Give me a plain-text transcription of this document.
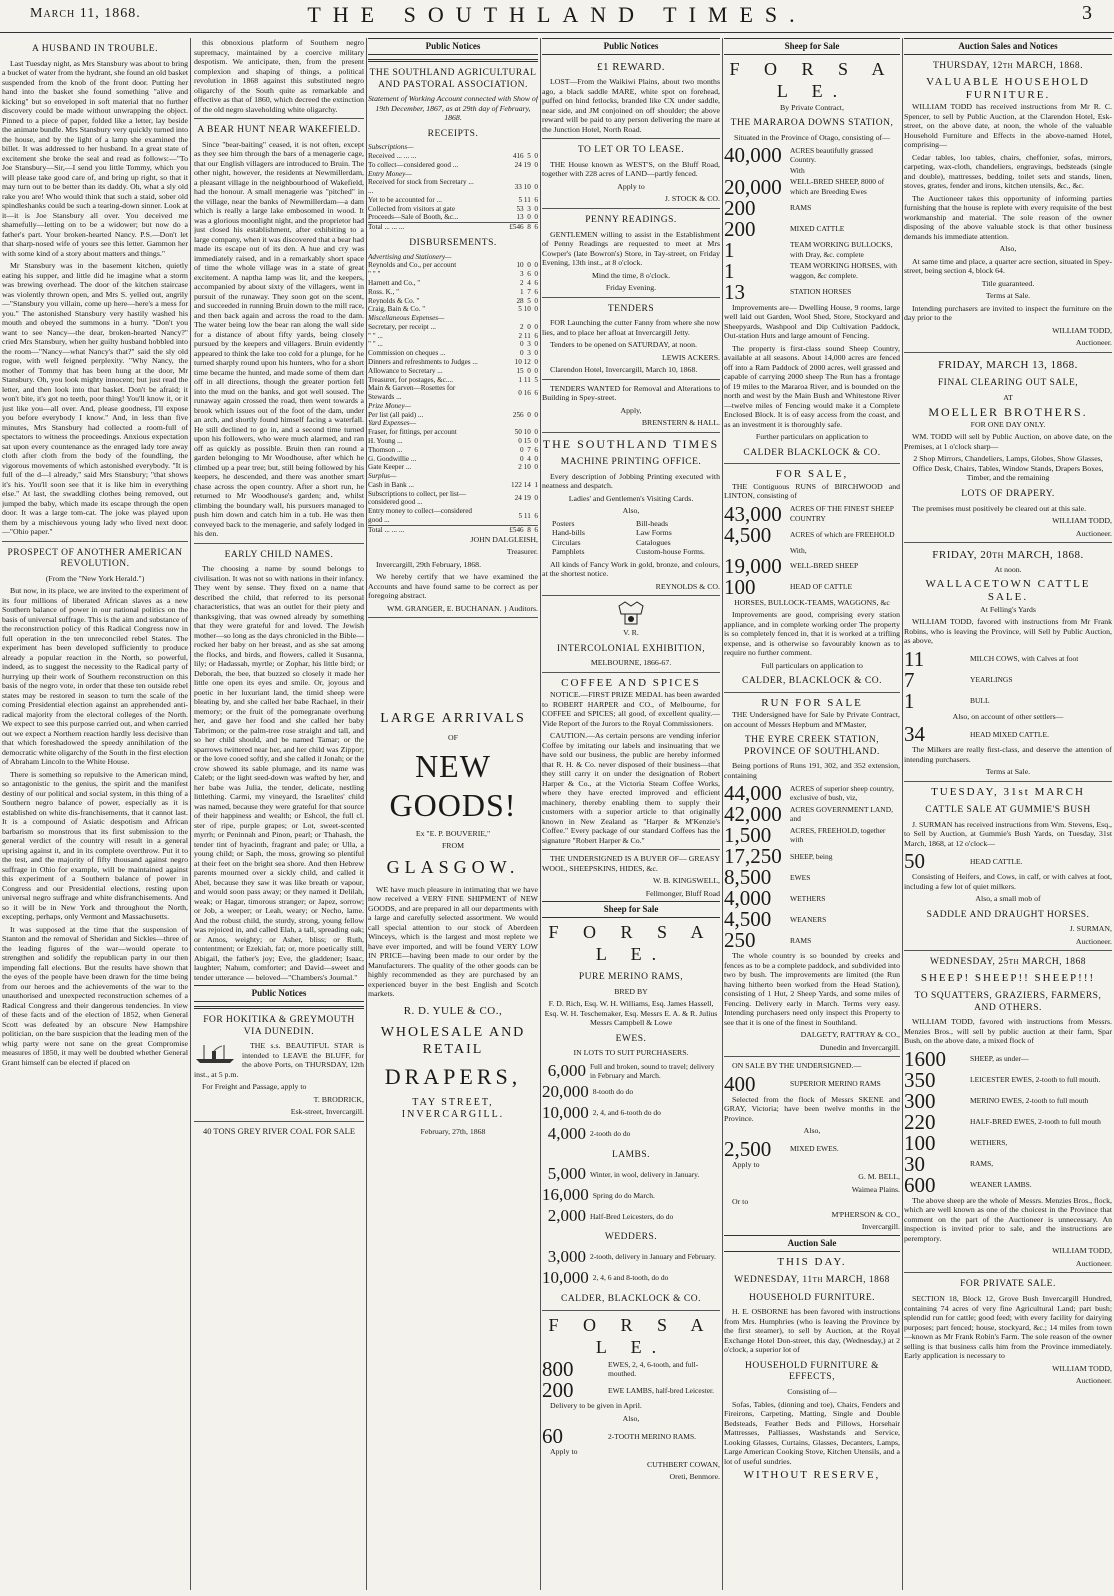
March 11, 1868.	THE SOUTHLAND TIMES.	3
A HUSBAND IN TROUBLE.

Last Tuesday night, as Mrs Stansbury was about to bring a bucket of water from the hydrant, she found an old basket suspended from the knob of the front door. Putting her hand into the basket she found something "alive and kicking" but so enveloped in soft material that no further discovery could be made without unwrapping the object. Pinned to a piece of paper, folded like a letter, lay beside the animate bundle. Mrs Stansbury very quickly turned into the house, and by the light of a lamp she examined the billet. It was addressed to her husband. In a great state of excitement she broke the seal and read as follows:—"To Joe Stansbury—Sir,—I send you little Tommy, which you will please take good care of, and bring up right, so that it may turn out to be better than its daddy. Oh, what a sly old rake you are! Who would think that such a staid, sober old spindleshanks could be such a tearing-down sinner. Look at it—it is Joe Stansbury all over. You deceived me shamefully—letting on to be a widower; but now do a father's part. Your broken-hearted Nancy. P.S.—Don't let that sharp-nosed wife of yours see this letter. Gammon her with some kind of a story about matters and things."

Mr Stansbury was in the basement kitchen, quietly eating his supper, and little did he imagine what a storm was brewing overhead. The door of the kitchen staircase was violently thrown open, and Mrs S. yelled out, angrily—"Stansbury you villain, come up here—here's a mess for you." The astonished Stansbury very hastily washed his mouth and obeyed the summons in a hurry. "Don't you want to see Nancy—the dear, broken-hearted Nancy?" cried Mrs Stansbury, when her guilty husband hobbled into the room—"Nancy—what Nancy's that?" said the sly old rogue, with well feigned perplexity. "Why Nancy, the mother of Tommy that has been hung at the door, Mr Stansbury. Oh, you look mighty innocent; but just read the letter, and then look into that basket. Don't be afraid; it won't bite, it's got no teeth, poor thing! You'll know it, or it just like you—all over. And, please goodness, I'll expose you before everybody I know." And, in less than five minutes, Mrs Stansbury had collected a room-full of spectators to witness the proceedings. Anxious expectation sat upon every countenance as the enraged lady tore away cloth after cloth from the body of the foundling, the vigorous movements of which astonished everybody. "It is full of the d—l already," said Mrs Stansbury; "that shows it's his. You'll soon see that it is like him in everything else." At last, the swaddling clothes being removed, out jumped the baby, which made its escape through the open door. It was a large tom-cat. The joke was played upon them by a mischievous young lady who lived next door.—"Ohio paper."

PROSPECT OF ANOTHER AMERICAN REVOLUTION.

(From the "New York Herald.")

But now, in its place, we are invited to the experiment of its four millions of liberated African slaves as a new Southern balance of power in our national politics on the basis of universal suffrage. This is the aim and substance of the reconstruction policy of this Radical Congress now in full operation in the ten unreconciled rebel States. The experiment has been developed sufficiently to produce already a popular reaction in the North, so powerful, indeed, as to suggest the necessity to the Radical party of hurrying up their work of Southern reconstruction on this basis of the negro vote, in order that these ten outside rebel states may be restored in season to turn the scale of the coming Presidential election against an apprehended anti-radical majority from the electoral colleges of the North. We expect to see this purpose carried out, and when carried out we expect a Northern reaction hardly less decisive than that which foreshadowed the speedy annihilation of the democratic white oligarchy of the South in the first election of Abraham Lincoln to the White House.

There is something so repulsive to the American mind, so antagonistic to the genius, the spirit and the manifest destiny of our political and social system, in this thing of a Southern negro balance of power, especially as it is established on white dis-franchisements, that it cannot last. It is a compound of Asiatic despotism and African barbarism so monstrous that its first submission to the general verdict of the country will result in a general uprising against it, and in its complete overthrow. Put it to the test, and the majority of fifty thousand against negro suffrage in Ohio for example, will be maintained against this experiment of a Southern balance of power in Congress and our Presidential elections, resting upon universal negro suffrage and white disfranchisements. And so it will be in New York and throughout the North, excepting, perhaps, only Vermont and Massachusetts.

It was supposed at the time that the suspension of Stanton and the removal of Sheridan and Sickles—three of the leading figures of the war—would operate to strengthen and solidify the republican party in our then impending fall elections. But the results have shown that the eyes of the people have been drawn for the time being from our heroes and the achievements of the war to the unauthorised and unexpected reconstruction schemes of a Radical Congress and their dangerous tendencies. In view of these facts and of the election of 1852, when General Scott was defeated by an obscure New Hampshire politician, on the bare suspicion that the leading men of the whig party were not sane on the great Compromise measures of 1850, it may well be doubted whether General Grant himself can be elected if placed on

this obnoxious platform of Southern negro supremacy, maintained by a coercive military despotism. We anticipate, then, from the present complexion and shaping of things, a political revolution in 1868 against this substituted negro oligarchy of the South quite as remarkable and effective as that of 1860, which decreed the extinction of the old negro slaveholding white oligarchy.

A BEAR HUNT NEAR WAKEFIELD.

Since "bear-baiting" ceased, it is not often, except as they see him through the bars of a menagerie cage, that our English villagers are introduced to Bruin. The other night, however, the residents at Newmillerdam, a pleasant village in the neighbourhood of Wakefield, had the honour. A small menagerie was "pitched" in the village, near the banks of Newmillerdam—a dam which is really a large lake embosomed in wood. It was a glorious moonlight night, and the proprietor had just closed his establishment, after exhibiting to a large company, when it was discovered that a bear had made its escape out of its den. A hue and cry was immediately raised, and in a remarkably short space of time the whole village was in a state of great excitement. A naptha lamp was lit, and the keepers, accompanied by about sixty of the villagers, went in pursuit of the runaway. They soon got on the scent, and succeeded in running Bruin down to the mill race, and then back again and across the road to the dam. The water being low the bear ran along the wall side for a distance of about fifty yards, being closely pursued by the keepers and villagers. Bruin evidently appeared to think the lake too cold for a plunge, for he turned sharply round upon his hunters, who for a short time became the hunted, and made some of them dart off in all directions, though the greater portion fell into the mud on the banks, and got well soused. The runaway again crossed the road, then went towards a brook which issues out of the foot of the dam, under an arch, and shortly found himself facing a waterfall. He still declined to go in, and a second time turned upon his followers, who were much alarmed, and ran off as quickly as possible. Bruin then ran round a garden belonging to Mr Woodhouse, after which he climbed up a pear tree; but, still being followed by his keepers, he descended, and there was another smart chase across the open country. After a short run, he returned to Mr Woodhouse's garden; and, whilst climbing the boundary wall, his pursuers managed to push him down and catch him in a tub. He was then conveyed back to the menagerie, and safely lodged in his den.

EARLY CHILD NAMES.

The choosing a name by sound belongs to civilisation. It was not so with nations in their infancy. They went by sense. They fixed on a name that described the child, that referred to its personal characteristics, that was an outlet for their piety and thanksgiving, that was owned already by something that they were grateful for and loved. The Jewish mother—so long as the days chronicled in the Bible—rocked her baby on her breast, and as she sat among the flocks, and birds, and flowers, called it Susanna, lily; or Hadassah, myrtle; or Zophar, his little bird; or Deborah, the bee, that buzzed so closely it made her little one open its eyes and smile. Or, joyous and poetic in her luxuriant land, the timid sheep were bleating by, and she called her babe Rachael, in their memory; or the fruit of the pomegranate overhung her, and gave her food and she called her baby Tabrimon; or the palm-tree rose straight and tall, and so her child should, and be named Tamar; or the sparrows twittered near her, and her child was Zippor; or the love cooed softly, and she called it Jonah; or the crow showed its sable plumage, and its name was Caleb; or the light seed-down was wafted by her, and her babe was Julia, the tender, delicate, nestling littlething. Carmi, my vineyard, the Israelites' child was named, because they were grateful for that source of their happiness and wealth; or Eshcol, the full cl. ster of ripe, purple grapes; or Lot, sweet-scented myrrh; or Peninnah and Pinon, pearl; or Thahash, the tender tint of hyacinth, fragrant and pale; or Ulla, a young child; or Saph, the moss, growing so plentiful at their feet on the bright sea shore. And then Hebrew parents mourned over a sickly child, and called it Abel, because they saw it was like breath or vapour, and would soon pass away; or they named it Delilah, weak; or Hagar, timorous stranger; or Japez, sorrow; or Job, a weeper; or Leah, weary; or Necho, lame. And the robust child, the sturdy, strong, young fellow was rejoiced in, and called Elah, a tall, spreading oak; or Amos, weighty; or Asher, bliss; or Ruth, contentment; or Ezekiah, fat; or, more poetically still, Abigail, the father's joy; Eve, the gladdener; Isaac, laughter; Nahum, comforter; and David—sweet and tender utterance — beloved—"Chambers's Journal."

Public Notices
FOR HOKITIKA & GREYMOUTH VIA DUNEDIN.

THE s.s. BEAUTIFUL STAR is intended to LEAVE the BLUFF, for the above Ports, on THURSDAY, 12th inst., at 5 p.m.

For Freight and Passage, apply to

T. BRODRICK,

Esk-street, Invercargill.

40 TONS GREY RIVER COAL FOR SALE

Public Notices
THE SOUTHLAND AGRICULTURAL AND PASTORAL ASSOCIATION.

Statement of Working Account connected with Show of 19th December, 1867, as at 29th day of February, 1868.

RECEIPTS.
Subscriptions—	
Received ... ... ...	416  5  0
To collect—considered good ...	24 19  0
Entry Money—	
Received for stock from Secretary ... ...	33 10  0
Yet to be accounted for ...	5 11  6
Collected from visitors at gate	53  3  0
Proceeds—Sale of Booth, &c...	13  0  0
Total ... ... ...	£546  8  6
DISBURSEMENTS.
Advertising and Stationery—	
Reynolds and Co., per account	10  0  0
" " "	3  6  0
Harnett and Co., "	2  4  6
Ross. K., "	1  7  6
Reynolds & Co. "	28  5  0
Craig, Bain & Co. "	5 10  0
Miscellaneous Expenses—	
Secretary, per receipt ...	2  0  0
" " ...	2 11  6
" " ...	0  3  0
Commission on cheques ...	0  3  0
Dinners and refreshments to Judges ...	10 12  0
Allowance to Secretary ...	15  0  0
Treasurer, for postages, &c....	1 11  5
Main & Garven—Rosettes for Stewards ...	0 16  6
Prize Money—	
Per list (all paid) ...	256  0  0
Yard Expenses—	
Fraser, for fittings, per account	50 10  0
H. Young ...	0 15  0
Thomson ...	0  7  6
G. Goodwillie ...	0  4  0
Gate Keeper ...	2 10  0
Surplus—	
Cash in Bank ...	122 14  1
Subscriptions to collect, per list—considered good ...	24 19  0
Entry money to collect—considered good ...	5 11  6
Total ... ... ...	£546  8  6

JOHN DALGLEISH,

Treasurer.

Invercargill, 29th February, 1868.

We hereby certify that we have examined the Accounts and have found same to be correct as per foregoing abstract.

WM. GRANGER, E. BUCHANAN. } Auditors.

LARGE ARRIVALS

OF

NEW GOODS!

Ex "E. P. BOUVERIE,"

FROM

GLASGOW.

WE have much pleasure in intimating that we have now received a VERY FINE SHIPMENT of NEW GOODS, and are prepared in all our departments with a large and carefully selected assortment. We would call special attention to our stock of Aberdeen Winceys, which is the largest and most replete we have ever imported, and will be found VERY LOW IN PRICE—having been made to our order by the Manufacturers. The quality of the other goods can be highly recommended as they are purchased by an experienced buyer in the best English and Scotch markets.

R. D. YULE & CO.,
WHOLESALE AND RETAIL
DRAPERS,
TAY STREET, INVERCARGILL.

February, 27th, 1868

Public Notices
£1 REWARD.

LOST—From the Waikiwi Plains, about two months ago, a black saddle MARE, white spot on forehead, puffed on hind fetlocks, branded like CX under saddle, near side, and JM conjoined on off shoulder; the above reward will be paid to any person delivering the mare at the Junction Hotel, North Road.

TO LET OR TO LEASE.

THE House known as WEST'S, on the Bluff Road, together with 228 acres of LAND—partly fenced.

Apply to

J. STOCK & CO.

PENNY READINGS.

GENTLEMEN willing to assist in the Establishment of Penny Readings are requested to meet at Mrs Cowper's (late Bowron's) Store, in Tay-street, on Friday Evening, 13th inst., at 8 o'clock.

Mind the time, 8 o'clock.

Friday Evening.

TENDERS

FOR Launching the cutter Fanny from where she now lies, and to place her afloat at Invercargill Jetty.

Tenders to be opened on SATURDAY, at noon.

LEWIS ACKERS.

Clarendon Hotel, Invercargill, March 10, 1868.

TENDERS WANTED for Removal and Alterations to Building in Spey-street.

Apply,

BRENSTERN & HALL.

THE SOUTHLAND TIMES
MACHINE PRINTING OFFICE.

Every description of Jobbing Printing executed with neatness and despatch.

Ladies' and Gentlemen's Visiting Cards.

Also,

Posters	Bill-heads
Hand-bills	Law Forms
Circulars	Catalogues
Pamphlets	Custom-house Forms.

All kinds of Fancy Work in gold, bronze, and colours, at the shortest notice.

REYNOLDS & CO.

V. R.

INTERCOLONIAL EXHIBITION,

MELBOURNE, 1866-67.

COFFEE AND SPICES

NOTICE.—FIRST PRIZE MEDAL has been awarded to ROBERT HARPER and CO., of Melbourne, for COFFEE and SPICES; all good, of excellent quality.—Vide Report of the Jurors to the Royal Commissioners.

CAUTION.—As certain persons are vending inferior Coffee by imitating our labels and insinuating that we have sold our business, the public are hereby informed that R. H. & Co. never disposed of their business—that they still carry it on under the designation of Robert Harper & Co., at the Victoria Steam Coffee Works, where they have erected improved and efficient machinery, thereby enabling them to supply their customers with a superior article to that originally known in New Zealand as "Harper & M'Kenzie's Coffee." Every package of our standard Coffees has the signature "Robert Harper & Co."

THE UNDERSIGNED IS A BUYER OF— GREASY WOOL, SHEEPSKINS, HIDES, &c.

W. B. KINGSWELL,

Fellmonger, Bluff Road

Sheep for Sale
F O R S A L E.
PURE MERINO RAMS,

BRED BY

F. D. Rich, Esq. W. H. Williams, Esq. James Hassell, Esq. W. H. Teschemaker, Esq. Messrs E. A. & R. Julius Messrs Campbell & Lowe

EWES.

IN LOTS TO SUIT PURCHASERS.

6,000 Full and broken, sound to travel; delivery in February and March.
20,000 8-tooth do do
10,000 2, 4, and 6-tooth do do
4,000 2-tooth do do
LAMBS.
5,000 Winter, in wool, delivery in January.
16,000 Spring do do March.
2,000 Half-Bred Leicesters, do do
WEDDERS.
3,000 2-tooth, delivery in January and February.
10,000 2, 4, 6 and 8-tooth, do do
CALDER, BLACKLOCK & CO.
F O R S A L E.
800	EWES, 2, 4, 6-tooth, and full-mouthed.
200	EWE LAMBS, half-bred Leicester.

Delivery to be given in April.

Also,

60	2-TOOTH MERINO RAMS.

Apply to

CUTHBERT COWAN,

Oreti, Benmore.

Sheep for Sale
F O R S A L E.

By Private Contract,

THE MARAROA DOWNS STATION,

Situated in the Province of Otago, consisting of—

40,000	ACRES beautifully grassed Country.
With
20,000	WELL-BRED SHEEP, 8000 of which are Breeding Ewes
200	RAMS
200	MIXED CATTLE
1	TEAM WORKING BULLOCKS, with Dray, &c. complete
1	TEAM WORKING HORSES, with waggon, &c complete.
13	STATION HORSES

Improvements are— Dwelling House, 9 rooms, large well laid out Garden, Wool Shed, Store, Stockyard and Sheepyards, Washpool and Dip Cultivation Paddock, Out-station Huts and large amount of Fencing.

The property is first-class sound Sheep Country, available at all seasons. About 14,000 acres are fenced off into a Ram Paddock of 2000 acres, well grassed and capable of carrying 2000 sheep The Run has a frontage of 19 miles to the Mararoa River, and is bounded on the north and west by the Main Bush and Whitestone River—twelve miles of Fencing would make it a Complete Enclosed Block. It is of easy access from the coast, and as an investment it is thoroughly safe.

Further particulars on application to

CALDER BLACKLOCK & CO.
FOR SALE,

THE Contiguous RUNS of BIRCHWOOD and LINTON, consisting of

43,000	ACRES OF THE FINEST SHEEP COUNTRY
4,500	ACRES of which are FREEHOLD
With,
19,000	WELL-BRED SHEEP
100	HEAD OF CATTLE

HORSES, BULLOCK-TEAMS, WAGGONS, &c

Improvements are good, comprising every station appliance, and in complete working order The property is so completely fenced in, that it is worked at a trifling expense, and is otherwise so favourably known as to require no further comment.

Full particulars on application to

CALDER, BLACKLOCK & CO.
RUN FOR SALE

THE Undersigned have for Sale by Private Contract, on account of Messrs Hepburn and M'Master,

THE EYRE CREEK STATION, PROVINCE OF SOUTHLAND.

Being portions of Runs 191, 302, and 352 extension, containing

44,000	ACRES of superior sheep country, exclusive of bush, viz,
42,000	ACRES GOVERNMENT LAND, and
1,500	ACRES, FREEHOLD, together with
17,250	SHEEP, being
8,500	EWES
4,000	WETHERS
4,500	WEANERS
250	RAMS

The whole country is so bounded by creeks and fences as to be a complete paddock, and subdivided into two by bush. The improvements are limited (the Run having hitherto been worked from the Head Station), consisting of 1 Hut, 2 Sheep Yards, and some miles of Fencing. Delivery early in March. Terms very easy. Intending purchasers need only inspect this Property to see that it is one of the finest in Southland.

DALGETY, RATTRAY & CO.,

Dunedin and Invercargill.

ON SALE BY THE UNDERSIGNED.—

400	SUPERIOR MERINO RAMS

Selected from the flock of Messrs SKENE and GRAY, Victoria; have been twelve months in the Province.

Also,

2,500	MIXED EWES.

Apply to

G. M. BELL,

Waimea Plains.

Or to

M'PHERSON & CO.,

Invercargill.

Auction Sale
THIS DAY.
WEDNESDAY, 11th MARCH, 1868
HOUSEHOLD FURNITURE.

H. E. OSBORNE has been favored with instructions from Mrs. Humphries (who is leaving the Province by the first steamer), to sell by Auction, at the Royal Exchange Hotel Don-street, this day, (Wednesday,) at 2 o'clock, a superior lot of

HOUSEHOLD FURNITURE & EFFECTS,

Consisting of—

Sofas, Tables, (dinning and toe), Chairs, Fenders and Fireirons, Carpeting, Matting, Single and Double Bedsteads, Feather Beds and Pillows, Horsehair Mattresses, Palliasses, Washstands and Service, Looking Glasses, Curtains, Glasses, Decanters, Lamps, Large American Cooking Stove, Kitchen Utensils, and a lot of useful sundries.

WITHOUT RESERVE,
Auction Sales and Notices
THURSDAY, 12th MARCH, 1868.
VALUABLE HOUSEHOLD FURNITURE.

WILLIAM TODD has received instructions from Mr R. C. Spencer, to sell by Public Auction, at the Clarendon Hotel, Esk-street, on the above date, at noon, the whole of the valuable Household Furniture and Effects in the above-named Hotel, comprising—

Cedar tables, loo tables, chairs, cheffonier, sofas, mirrors, carpeting, wax-cloth, chandeliers, engravings, bedsteads (single and double), mattresses, bedding, toilet sets and stands, linen, stoves, grates, fender and irons, kitchen utensils, &c., &c.

The Auctioneer takes this opportunity of informing parties furnishing that the house is replete with every requisite of the best workmanship and material. The sole reason of the owner disposing of the above valuable stock is that other business demands his immediate attention.

Also,

At same time and place, a quarter acre section, situated in Spey-street, being section 4, block 64.

Title guaranteed.

Terms at Sale.

Intending purchasers are invited to inspect the furniture on the day prior to the

WILLIAM TODD,

Auctioneer.

FRIDAY, MARCH 13, 1868.
FINAL CLEARING OUT SALE,

AT

MOELLER BROTHERS.

FOR ONE DAY ONLY.

WM. TODD will sell by Public Auction, on above date, on the Premises, at 1 o'clock sharp—

2 Shop Mirrors, Chandeliers, Lamps, Globes, Show Glasses, Office Desk, Chairs, Tables, Window Stands, Drapers Boxes, Timber, and the remaining

LOTS OF DRAPERY.

The premises must positively be cleared out at this sale.

WILLIAM TODD,

Auctioneer.

FRIDAY, 20th MARCH, 1868.

At noon.

WALLACETOWN CATTLE SALE.

At Felling's Yards

WILLIAM TODD, favored with instructions from Mr Frank Robins, who is leaving the Province, will Sell by Public Auction, as above,

11	MILCH COWS, with Calves at foot
7	YEARLINGS
1	BULL

Also, on account of other settlers—

34	HEAD MIXED CATTLE.

The Milkers are really first-class, and deserve the attention of intending purchasers.

Terms at Sale.

TUESDAY, 31st MARCH
CATTLE SALE AT GUMMIE'S BUSH

J. SURMAN has received instructions from Wm. Stevens, Esq., to Sell by Auction, at Gummie's Bush Yards, on Tuesday, 31st March, 1868, at 12 o'clock—

50	HEAD CATTLE.

Consisting of Heifers, and Cows, in calf, or with calves at foot, including a few lot of quiet milkers.

Also, a small mob of

SADDLE AND DRAUGHT HORSES.

J. SURMAN,

Auctioneer.

WEDNESDAY, 25th MARCH, 1868
SHEEP! SHEEP!! SHEEP!!!
TO SQUATTERS, GRAZIERS, FARMERS, AND OTHERS.

WILLIAM TODD, favored with instructions from Messrs. Menzies Bros., will sell by public auction at their farm, Spar Bush, on the above date, a mixed flock of

1600	SHEEP, as under—
350	LEICESTER EWES, 2-tooth to full mouth.
300	MERINO EWES, 2-tooth to full mouth
220	HALF-BRED EWES, 2-tooth to full mouth
100	WETHERS,
30	RAMS,
600	WEANER LAMBS.

The above sheep are the whole of Messrs. Menzies Bros., flock, which are well known as one of the choicest in the Province that comment on the part of the Auctioneer is unnecessary. An inspection is invited prior to sale, and the instructions are peremptory.

WILLIAM TODD,

Auctioneer.

FOR PRIVATE SALE.

SECTION 18, Block 12, Grove Bush Invercargill Hundred, containing 74 acres of very fine Agricultural Land; part bush; splendid run for cattle; good feed; with every facility for dairying purposes; part fenced; house, stockyard, &c.; 14 miles from town—known as Mr Frank Robin's Farm. The sole reason of the owner selling is that business calls him from the Province immediately. Early application is necessary to

WILLIAM TODD,

Auctioneer.
